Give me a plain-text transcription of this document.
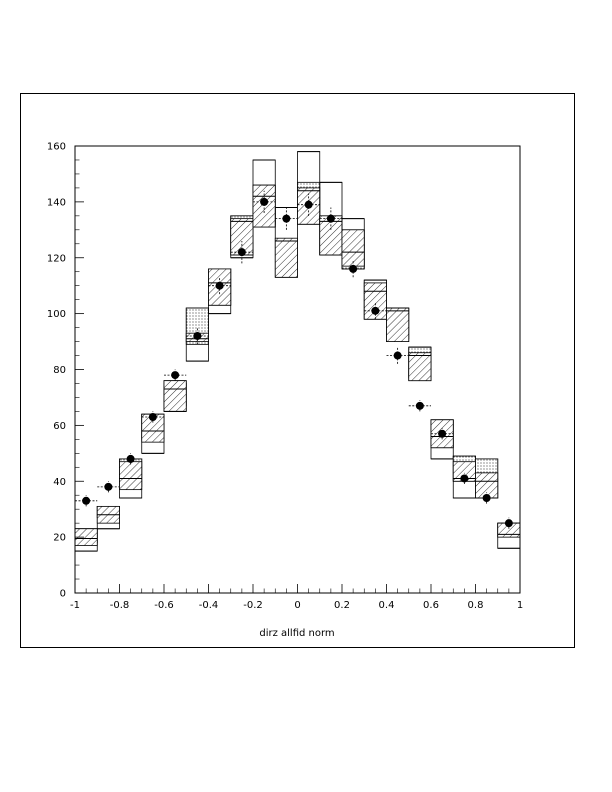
-1	-0.8 -0.6 -0.4 -0.2	0	0.2	0.4	0.6	0.8	1
0
20
40
60
80
100
120
140
160
dirz allfid norm
